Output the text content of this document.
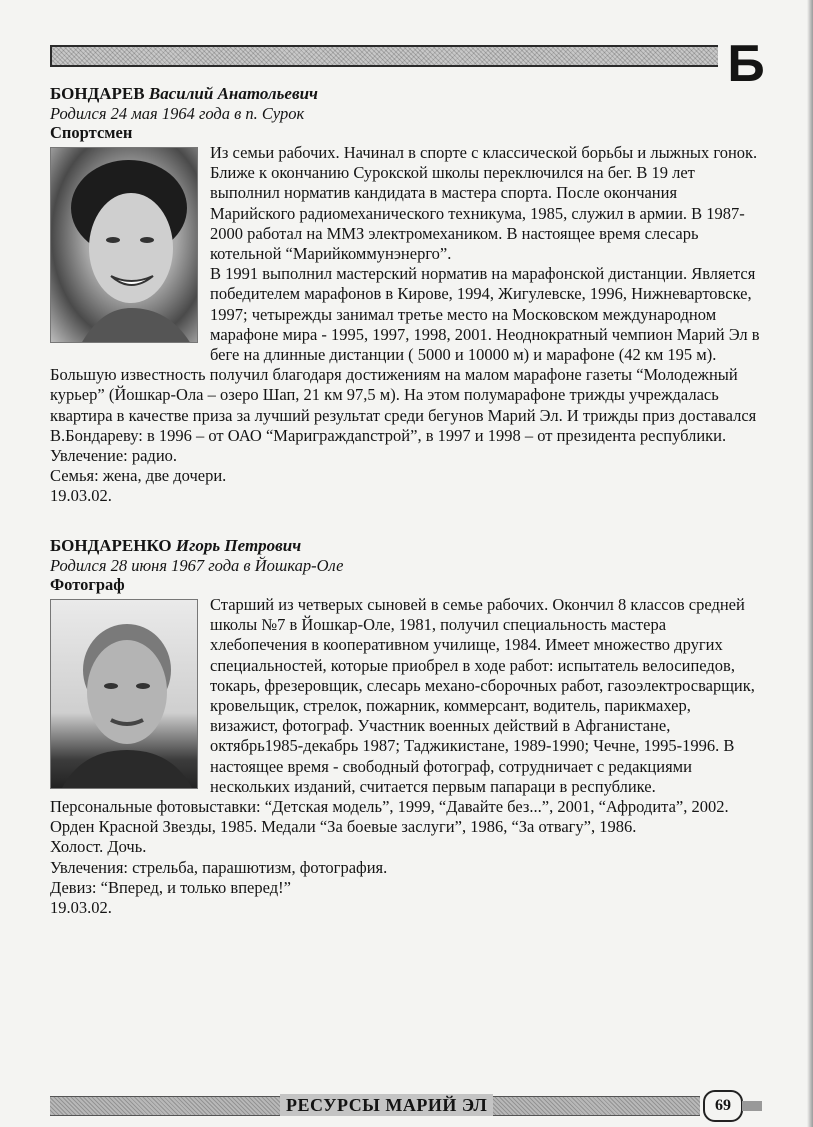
Б
БОНДАРЕВ Василий Анатольевич
Родился 24 мая 1964 года в п. Сурок
Спортсмен

Из семьи рабочих. Начинал в спорте с классической борьбы и лыжных гонок. Ближе к окончанию Сурокской школы переключился на бег. В 19 лет выполнил норматив кандидата в мастера спорта. После окончания Марийского радиомеханического техникума, 1985, служил в армии. В 1987-2000 работал на ММЗ электромехаником. В настоящее время слесарь котельной “Марийкоммунэнерго”.

В 1991 выполнил мастерский норматив на марафонской дистанции. Является победителем марафонов в Кирове, 1994, Жигулевске, 1996, Нижневартовске, 1997; четырежды занимал третье место на Московском международном марафоне мира - 1995, 1997, 1998, 2001. Неоднократный чемпион Марий Эл в беге на длинные дистанции ( 5000 и 10000 м) и марафоне (42 км 195 м). Большую известность получил благодаря достижениям на малом марафоне газеты “Молодежный курьер” (Йошкар-Ола – озеро Шап, 21 км 97,5 м). На этом полумарафоне трижды учреждалась квартира в качестве приза за лучший результат среди бегунов Марий Эл. И трижды приз доставался В.Бондареву: в 1996 – от ОАО “Мариграждanстрой”, в 1997 и 1998 – от президента республики.

Увлечение: радио.

Семья: жена, две дочери.

19.03.02.

БОНДАРЕНКО Игорь Петрович
Родился 28 июня 1967 года в Йошкар-Оле
Фотограф

Старший из четверых сыновей в семье рабочих. Окончил 8 классов средней школы №7 в Йошкар-Оле, 1981, получил специальность мастера хлебопечения в кооперативном училище, 1984. Имеет множество других специальностей, которые приобрел в ходе работ: испытатель велосипедов, токарь, фрезеровщик, слесарь механо-сборочных работ, газоэлектросварщик, кровельщик, стрелок, пожарник, коммерсант, водитель, парикмахер, визажист, фотограф. Участник военных действий в Афганистане, октябрь1985-декабрь 1987; Таджикистане, 1989-1990; Чечне, 1995-1996. В настоящее время - свободный фотограф, сотрудничает с редакциями нескольких изданий, считается первым папараци в республике.

Персональные фотовыставки: “Детская модель”, 1999, “Давайте без...”, 2001, “Афродита”, 2002.

Орден Красной Звезды, 1985. Медали “За боевые заслуги”, 1986, “За отвагу”, 1986.

Холост. Дочь.

Увлечения: стрельба, парашютизм, фотография.

Девиз: “Вперед, и только вперед!”

19.03.02.

РЕСУРСЫ МАРИЙ ЭЛ	69
